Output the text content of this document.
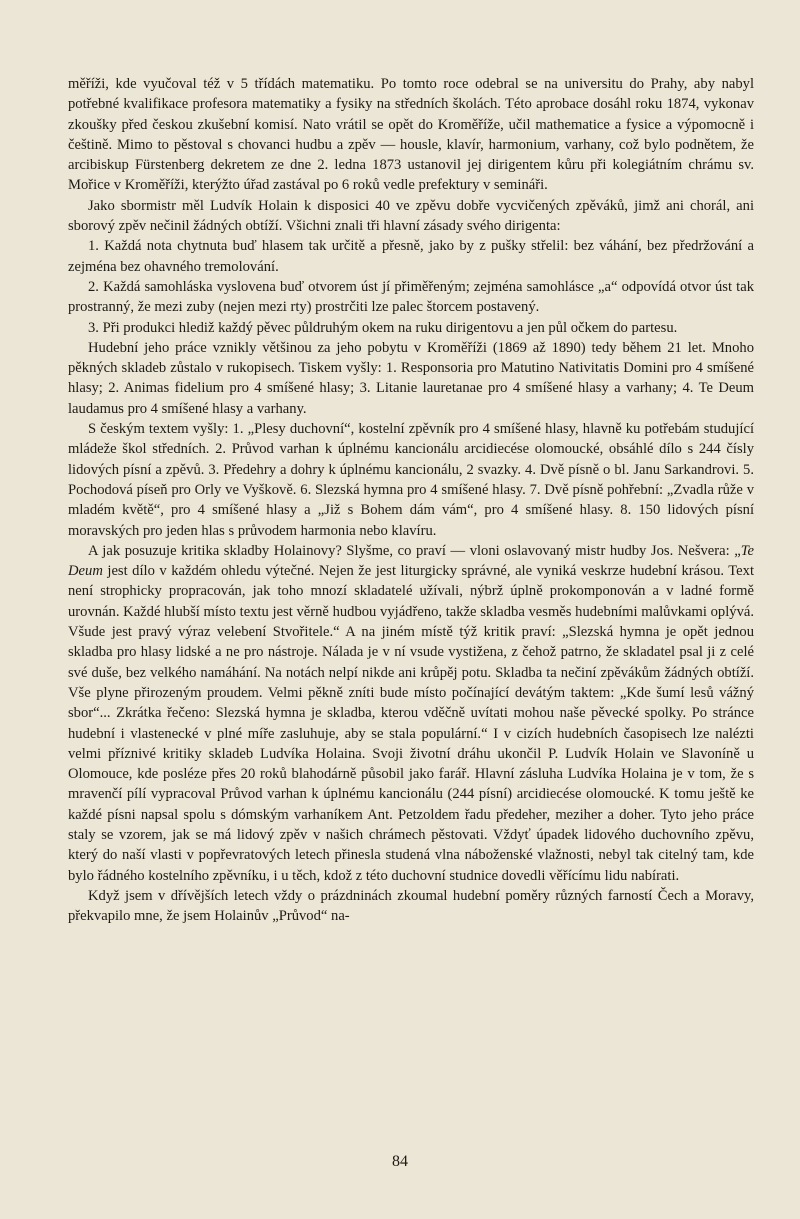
měříži, kde vyučoval též v 5 třídách matematiku. Po tomto roce odebral se na universitu do Prahy, aby nabyl potřebné kvalifikace profesora matematiky a fysiky na středních školách. Této aprobace dosáhl roku 1874, vykonav zkoušky před českou zkušební komisí. Nato vrátil se opět do Kroměříže, učil mathematice a fysice a výpomocně i češtině. Mimo to pěstoval s chovanci hudbu a zpěv — housle, klavír, harmonium, varhany, což bylo podnětem, že arcibiskup Fürstenberg dekretem ze dne 2. ledna 1873 ustanovil jej dirigentem kůru při kolegiátním chrámu sv. Mořice v Kroměříži, kterýžto úřad zastával po 6 roků vedle prefektury v semináři.

Jako sbormistr měl Ludvík Holain k disposici 40 ve zpěvu dobře vycvičených zpěváků, jimž ani chorál, ani sborový zpěv nečinil žádných obtíží. Všichni znali tři hlavní zásady svého dirigenta:

1. Každá nota chytnuta buď hlasem tak určitě a přesně, jako by z pušky střelil: bez váhání, bez předržování a zejména bez ohavného tremolování.

2. Každá samohláska vyslovena buď otvorem úst jí přiměřeným; zejména samohlásce „a“ odpovídá otvor úst tak prostranný, že mezi zuby (nejen mezi rty) prostrčiti lze palec štorcem postavený.

3. Při produkci hlediž každý pěvec půldruhým okem na ruku dirigentovu a jen půl očkem do partesu.

Hudební jeho práce vznikly většinou za jeho pobytu v Kroměříži (1869 až 1890) tedy během 21 let. Mnoho pěkných skladeb zůstalo v rukopisech. Tiskem vyšly: 1. Responsoria pro Matutino Nativitatis Domini pro 4 smíšené hlasy; 2. Animas fidelium pro 4 smíšené hlasy; 3. Litanie lauretanae pro 4 smíšené hlasy a varhany; 4. Te Deum laudamus pro 4 smíšené hlasy a varhany.

S českým textem vyšly: 1. „Plesy duchovní“, kostelní zpěvník pro 4 smíšené hlasy, hlavně ku potřebám studující mládeže škol středních. 2. Průvod varhan k úplnému kancionálu arcidiecése olomoucké, obsáhlé dílo s 244 čísly lidových písní a zpěvů. 3. Předehry a dohry k úplnému kancionálu, 2 svazky. 4. Dvě písně o bl. Janu Sarkandrovi. 5. Pochodová píseň pro Orly ve Vyškově. 6. Slezská hymna pro 4 smíšené hlasy. 7. Dvě písně pohřební: „Zvadla růže v mladém květě“, pro 4 smíšené hlasy a „Již s Bohem dám vám“, pro 4 smíšené hlasy. 8. 150 lidových písní moravských pro jeden hlas s průvodem harmonia nebo klavíru.

A jak posuzuje kritika skladby Holainovy? Slyšme, co praví — vloni oslavovaný mistr hudby Jos. Nešvera: „Te Deum jest dílo v každém ohledu výtečné. Nejen že jest liturgicky správné, ale vyniká veskrze hudební krásou. Text není strophicky propracován, jak toho mnozí skladatelé užívali, nýbrž úplně prokomponován a v ladné formě urovnán. Každé hlubší místo textu jest věrně hudbou vyjádřeno, takže skladba vesměs hudebními malůvkami oplývá. Všude jest pravý výraz velebení Stvořitele.“ A na jiném místě týž kritik praví: „Slezská hymna je opět jednou skladba pro hlasy lidské a ne pro nástroje. Nálada je v ní vsude vystižena, z čehož patrno, že skladatel psal ji z celé své duše, bez velkého namáhání. Na notách nelpí nikde ani krůpěj potu. Skladba ta nečiní zpěvákům žádných obtíží. Vše plyne přirozeným proudem. Velmi pěkně zníti bude místo počínající devátým taktem: „Kde šumí lesů vážný sbor“... Zkrátka řečeno: Slezská hymna je skladba, kterou vděčně uvítati mohou naše pěvecké spolky. Po stránce hudební i vlastenecké v plné míře zasluhuje, aby se stala populární.“ I v cizích hudebních časopisech lze nalézti velmi příznivé kritiky skladeb Ludvíka Holaina. Svoji životní dráhu ukončil P. Ludvík Holain ve Slavoníně u Olomouce, kde posléze přes 20 roků blahodárně působil jako farář. Hlavní zásluha Ludvíka Holaina je v tom, že s mravenčí pílí vypracoval Průvod varhan k úplnému kancionálu (244 písní) arcidiecése olomoucké. K tomu ještě ke každé písni napsal spolu s dómským varhaníkem Ant. Petzoldem řadu předeher, meziher a doher. Tyto jeho práce staly se vzorem, jak se má lidový zpěv v našich chrámech pěstovati. Vždyť úpadek lidového duchovního zpěvu, který do naší vlasti v popřevratových letech přinesla studená vlna náboženské vlažnosti, nebyl tak citelný tam, kde bylo řádného kostelního zpěvníku, i u těch, kdož z této duchovní studnice dovedli věřícímu lidu nabírati.

Když jsem v dřívějších letech vždy o prázdninách zkoumal hudební poměry různých farností Čech a Moravy, překvapilo mne, že jsem Holainův „Průvod“ na-

84
